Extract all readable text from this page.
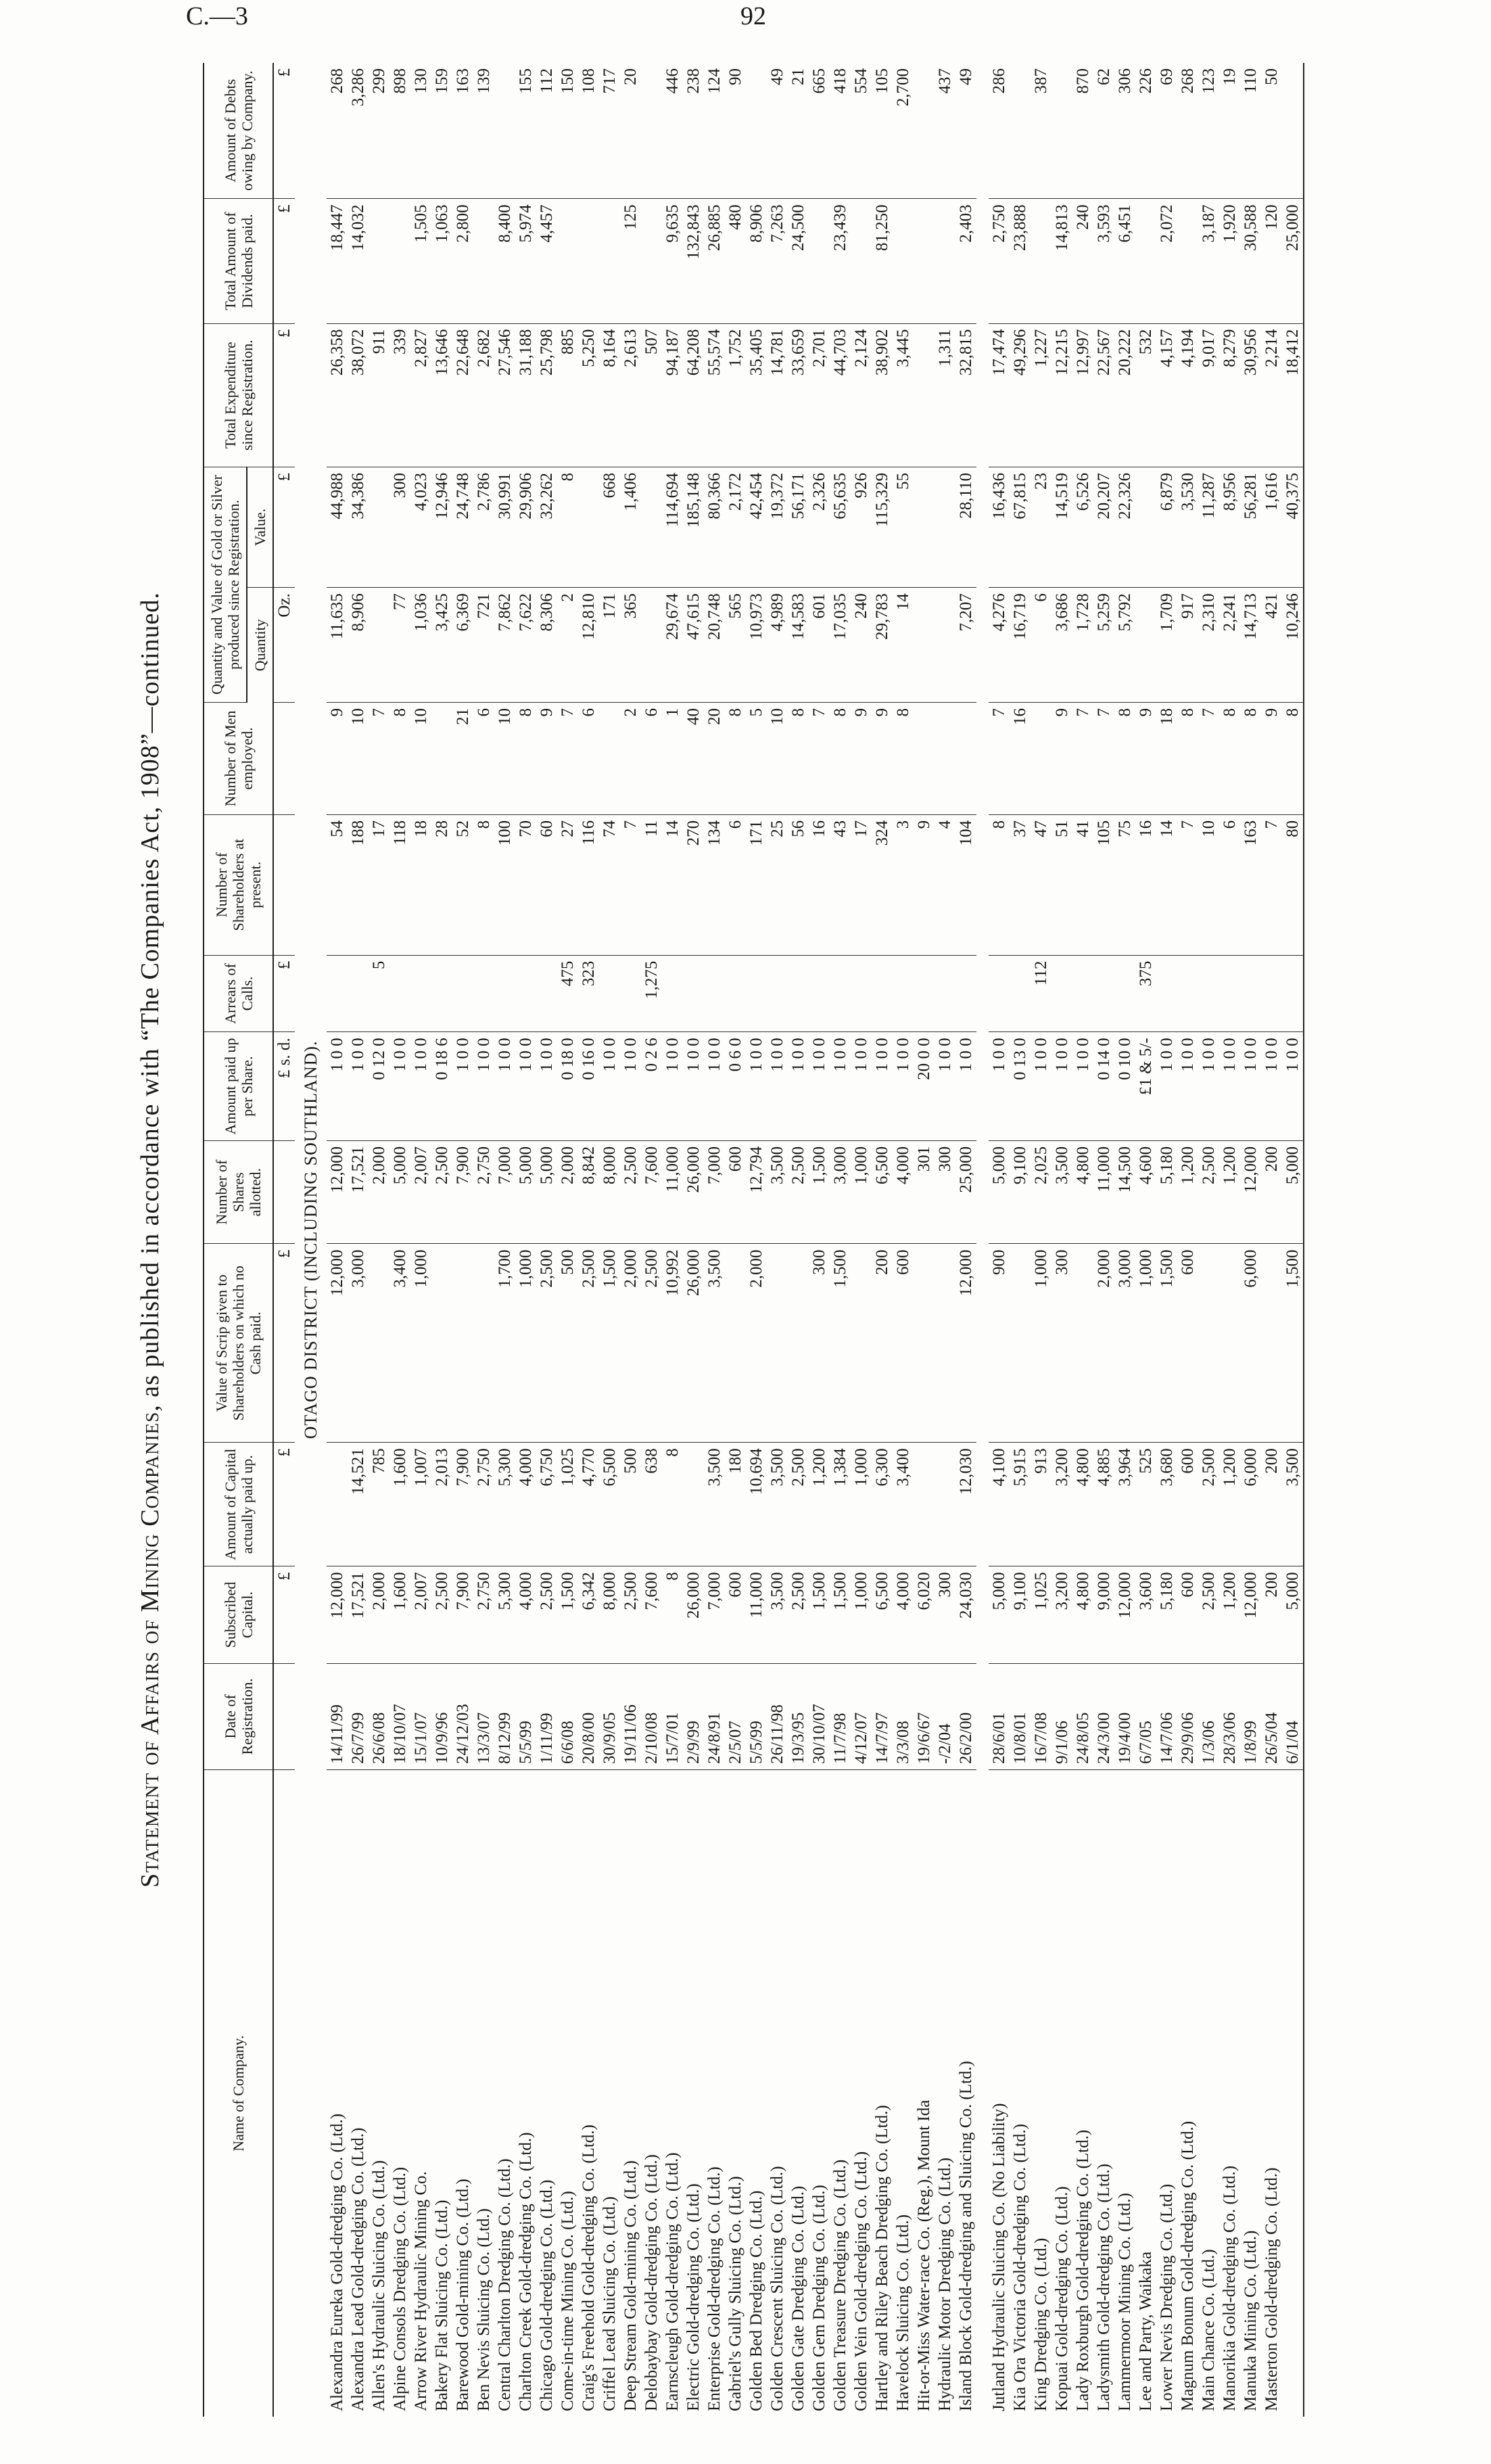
C.—3	92
Statement of Affairs of Mining Companies, as published in accordance with “The Companies Act, 1908”—continued.
Name of Company.	Date of Registration.	Subscribed Capital.	Amount of Capital actually paid up.	Value of Scrip given to Shareholders on which no Cash paid.	Number of Shares allotted.	Amount paid up per Share.	Arrears of Calls.	Number of Shareholders at present.	Number of Men employed.	Quantity and Value of Gold or Silver produced since Registration.		Total Expenditure since Registration.	Total Amount of Dividends paid.	Amount of Debts owing by Company.
										Quantity	Value.			
		£	£	£		£ s. d.	£			Oz.	£	£	£	£
OTAGO DISTRICT (INCLUDING SOUTHLAND).														
Alexandra Eureka Gold-dredging Co. (Ltd.)	14/11/99	12,000		12,000	12,000	1 0 0		54	9	11,635	44,988	26,358	18,447	268
Alexandra Lead Gold-dredging Co. (Ltd.)	26/7/99	17,521	14,521	3,000	17,521	1 0 0		188	10	8,906	34,386	38,072	14,032	3,286
Allen's Hydraulic Sluicing Co. (Ltd.)	26/6/08	2,000	785		2,000	0 12 0	5	17	7			911		299
Alpine Consols Dredging Co. (Ltd.)	18/10/07	1,600	1,600	3,400	5,000	1 0 0		118	8	77	300	339		898
Arrow River Hydraulic Mining Co.	15/1/07	2,007	1,007	1,000	2,007	1 0 0		18	10	1,036	4,023	2,827	1,505	130
Bakery Flat Sluicing Co. (Ltd.)	10/9/96	2,500	2,013		2,500	0 18 6		28		3,425	12,946	13,646	1,063	159
Barewood Gold-mining Co. (Ltd.)	24/12/03	7,900	7,900		7,900	1 0 0		52	21	6,369	24,748	22,648	2,800	163
Ben Nevis Sluicing Co. (Ltd.)	13/3/07	2,750	2,750		2,750	1 0 0		8	6	721	2,786	2,682		139
Central Charlton Dredging Co. (Ltd.)	8/12/99	5,300	5,300	1,700	7,000	1 0 0		100	10	7,862	30,991	27,546	8,400	
Charlton Creek Gold-dredging Co. (Ltd.)	5/5/99	4,000	4,000	1,000	5,000	1 0 0		70	8	7,622	29,906	31,188	5,974	155
Chicago Gold-dredging Co. (Ltd.)	1/11/99	2,500	6,750	2,500	5,000	1 0 0		60	9	8,306	32,262	25,798	4,457	112
Come-in-time Mining Co. (Ltd.)	6/6/08	1,500	1,025	500	2,000	0 18 0	475	27	7	2	8	885		150
Craig's Freehold Gold-dredging Co. (Ltd.)	20/8/00	6,342	4,770	2,500	8,842	0 16 0	323	116	6	12,810		5,250		108
Criffel Lead Sluicing Co. (Ltd.)	30/9/05	8,000	6,500	1,500	8,000	1 0 0		74		171	668	8,164		717
Deep Stream Gold-mining Co. (Ltd.)	19/11/06	2,500	500	2,000	2,500	1 0 0		7	2	365	1,406	2,613	125	20
Delobaybay Gold-dredging Co. (Ltd.)	2/10/08	7,600	638	2,500	7,600	0 2 6	1,275	11	6			507		
Earnscleugh Gold-dredging Co. (Ltd.)	15/7/01	8	8	10,992	11,000	1 0 0		14	1	29,674	114,694	94,187	9,635	446
Electric Gold-dredging Co. (Ltd.)	2/9/99	26,000		26,000	26,000	1 0 0		270	40	47,615	185,148	64,208	132,843	238
Enterprise Gold-dredging Co. (Ltd.)	24/8/91	7,000	3,500	3,500	7,000	1 0 0		134	20	20,748	80,366	55,574	26,885	124
Gabriel's Gully Sluicing Co. (Ltd.)	2/5/07	600	180		600	0 6 0		6	8	565	2,172	1,752	480	90
Golden Bed Dredging Co. (Ltd.)	5/5/99	11,000	10,694	2,000	12,794	1 0 0		171	5	10,973	42,454	35,405	8,906	
Golden Crescent Sluicing Co. (Ltd.)	26/11/98	3,500	3,500		3,500	1 0 0		25	10	4,989	19,372	14,781	7,263	49
Golden Gate Dredging Co. (Ltd.)	19/3/95	2,500	2,500		2,500	1 0 0		56	8	14,583	56,171	33,659	24,500	21
Golden Gem Dredging Co. (Ltd.)	30/10/07	1,500	1,200	300	1,500	1 0 0		16	7	601	2,326	2,701		665
Golden Treasure Dredging Co. (Ltd.)	11/7/98	1,500	1,384	1,500	3,000	1 0 0		43	8	17,035	65,635	44,703	23,439	418
Golden Vein Gold-dredging Co. (Ltd.)	4/12/07	1,000	1,000		1,000	1 0 0		17	9	240	926	2,124		554
Hartley and Riley Beach Dredging Co. (Ltd.)	14/7/97	6,500	6,300	200	6,500	1 0 0		324	9	29,783	115,329	38,902	81,250	105
Havelock Sluicing Co. (Ltd.)	3/3/08	4,000	3,400	600	4,000	1 0 0		3	8	14	55	3,445		2,700
Hit-or-Miss Water-race Co. (Reg.), Mount Ida	19/6/67	6,020			301	20 0 0		9						
Hydraulic Motor Dredging Co. (Ltd.)	-/2/04	300			300	1 0 0		4				1,311		437
Island Block Gold-dredging and Sluicing Co. (Ltd.)	26/2/00	24,030	12,030	12,000	25,000	1 0 0		104		7,207	28,110	32,815	2,403	49
Jutland Hydraulic Sluicing Co. (No Liability)	28/6/01	5,000	4,100	900	5,000	1 0 0		8	7	4,276	16,436	17,474	2,750	286
Kia Ora Victoria Gold-dredging Co. (Ltd.)	10/8/01	9,100	5,915		9,100	0 13 0		37	16	16,719	67,815	49,296	23,888	
King Dredging Co. (Ltd.)	16/7/08	1,025	913	1,000	2,025	1 0 0	112	47		6	23	1,227		387
Kopuai Gold-dredging Co. (Ltd.)	9/1/06	3,200	3,200	300	3,500	1 0 0		51	9	3,686	14,519	12,215	14,813	
Lady Roxburgh Gold-dredging Co. (Ltd.)	24/8/05	4,800	4,800		4,800	1 0 0		41	7	1,728	6,526	12,997	240	870
Ladysmith Gold-dredging Co. (Ltd.)	24/3/00	9,000	4,885	2,000	11,000	0 14 0		105	7	5,259	20,207	22,567	3,593	62
Lammermoor Mining Co. (Ltd.)	19/4/00	12,000	3,964	3,000	14,500	0 10 0		75	8	5,792	22,326	20,222	6,451	306
Lee and Party, Waikaka	6/7/05	3,600	525	1,000	4,600	£1 & 5/-	375	16	9			532		226
Lower Nevis Dredging Co. (Ltd.)	14/7/06	5,180	3,680	1,500	5,180	1 0 0		14	18	1,709	6,879	4,157	2,072	69
Magnum Bonum Gold-dredging Co. (Ltd.)	29/9/06	600	600	600	1,200	1 0 0		7	8	917	3,530	4,194		268
Main Chance Co. (Ltd.)	1/3/06	2,500	2,500		2,500	1 0 0		10	7	2,310	11,287	9,017	3,187	123
Manorikia Gold-dredging Co. (Ltd.)	28/3/06	1,200	1,200		1,200	1 0 0		6	8	2,241	8,956	8,279	1,920	19
Manuka Mining Co. (Ltd.)	1/8/99	12,000	6,000	6,000	12,000	1 0 0		163	8	14,713	56,281	30,956	30,588	110
Masterton Gold-dredging Co. (Ltd.)	26/5/04	200	200		200	1 0 0		7	9	421	1,616	2,214	120	50
	6/1/04	5,000	3,500	1,500	5,000	1 0 0		80	8	10,246	40,375	18,412	25,000	
